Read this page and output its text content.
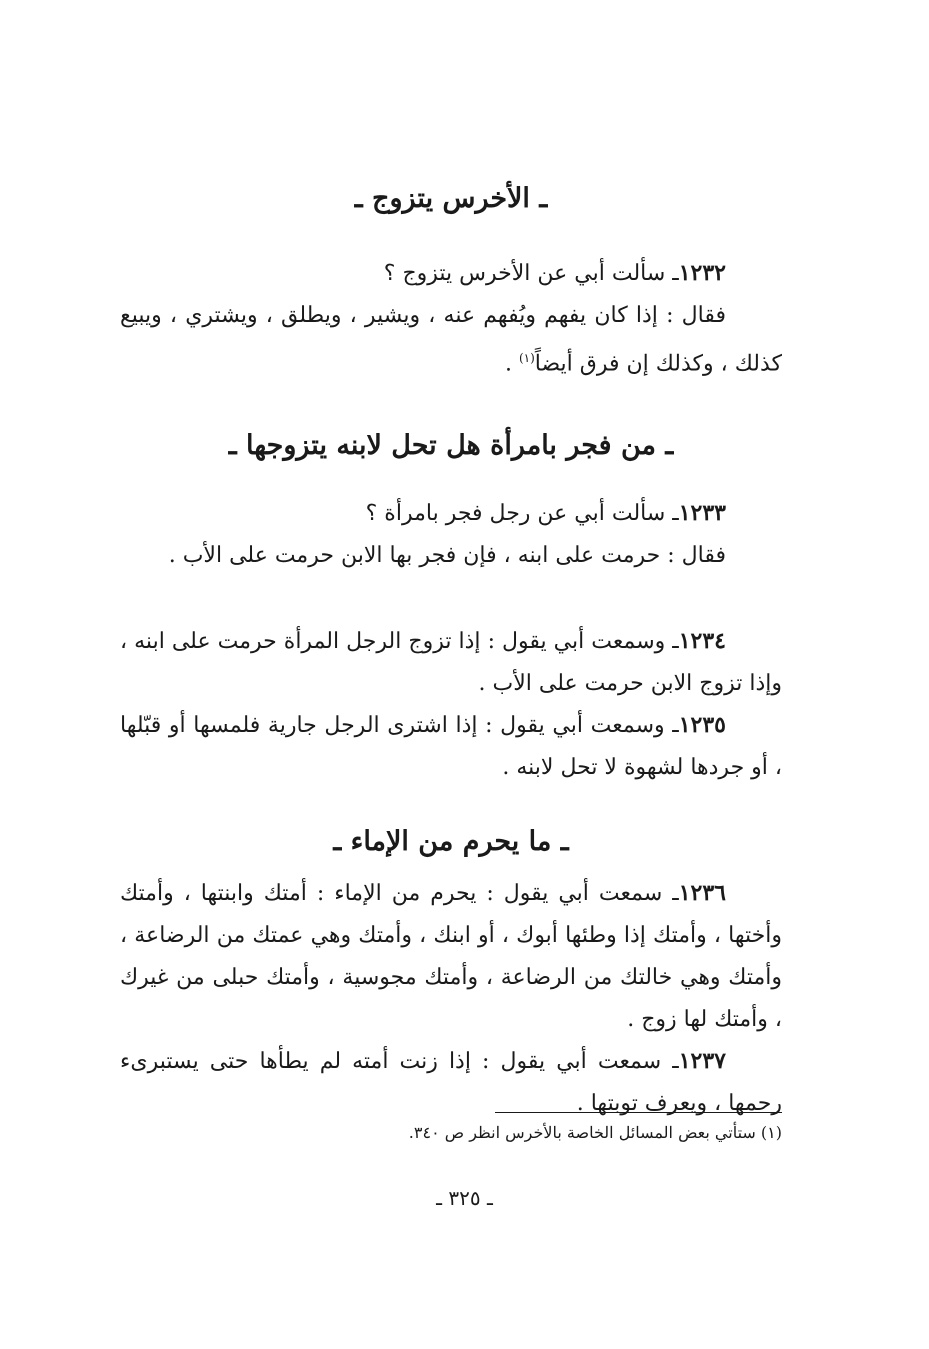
ـ الأخرس يتزوج ـ
١٢٣٢ـ سألت أبي عن الأخرس يتزوج ؟
فقال : إذا كان يفهم ويُفهم عنه ، ويشير ، ويطلق ، ويشتري ، ويبيع كذلك ، وكذلك إن فرق أيضاً$^{(١)}$ .
ـ من فجر بامرأة هل تحل لابنه يتزوجها ـ
١٢٣٣ـ سألت أبي عن رجل فجر بامرأة ؟
فقال : حرمت على ابنه ، فإن فجر بها الابن حرمت على الأب .
١٢٣٤ـ وسمعت أبي يقول : إذا تزوج الرجل المرأة حرمت على ابنه ، وإذا تزوج الابن حرمت على الأب .
١٢٣٥ـ وسمعت أبي يقول : إذا اشترى الرجل جارية فلمسها أو قبّلها ، أو جردها لشهوة لا تحل لابنه .
ـ ما يحرم من الإماء ـ
١٢٣٦ـ سمعت أبي يقول : يحرم من الإماء : أمتك وابنتها ، وأمتك وأختها ، وأمتك إذا وطئها أبوك ، أو ابنك ، وأمتك وهي عمتك من الرضاعة ، وأمتك وهي خالتك من الرضاعة ، وأمتك مجوسية ، وأمتك حبلى من غيرك ، وأمتك لها زوج .
١٢٣٧ـ سمعت أبي يقول : إذا زنت أمته لم يطأها حتى يستبرىء رحمها ، ويعرف توبتها .
(١) ستأتي بعض المسائل الخاصة بالأخرس انظر ص ٣٤٠.
ـ ٣٢٥ ـ
